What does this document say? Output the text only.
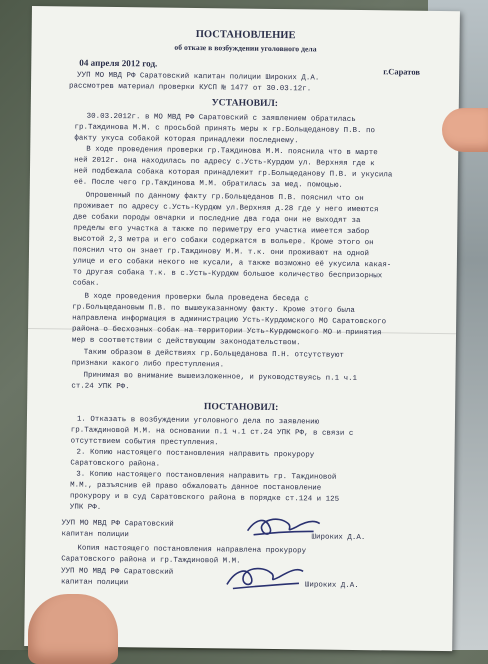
ПОСТАНОВЛЕНИЕ
об отказе в возбуждении уголовного дела
04 апреля 2012 год.
г.Саратов
УУП МО МВД РФ Саратовский капитан полиции Широких Д.А.
рассмотрев материал проверки КУСП № 1477 от 30.03.12г.
УСТАНОВИЛ:
30.03.2012г. в МО МВД РФ Саратовский с заявлением обратилась
гр.Таждинова М.М. с просьбой принять меры к гр.Больщеданову П.В. по
факту укуса собакой которая принадлежи последнему.
В ходе проведения проверки гр.Таждинова М.М. пояснила что в марте
ней 2012г. она находилась по адресу с.Усть-Курдюм ул. Верхняя где к
ней подбежала собака которая принадлежит гр.Больщеданову П.В. и укусила
её. После чего гр.Таждинова М.М. обратилась за мед. помощью.
Опрошенный по данному факту гр.Больщеданов П.В. пояснил что он
проживает по адресу с.Усть-Курдюм ул.Верхняя д.28 где у него имеются
две собаки породы овчарки и последние два года они не выходят за
пределы его участка а также по периметру его участка имеется забор
высотой 2,3 метра и его собаки содержатся в вольере. Кроме этого он
пояснил что он знает гр.Таждинову М.М. т.к. они проживают на одной
улице и его собаки некого не кусали, а также возможно её укусила какая-
то другая собака т.к. в с.Усть-Курдюм большое количество беспризорных
собак.
В ходе проведения проверки была проведена беседа с
гр.Больщедановым П.В. по вышеуказанному факту. Кроме этого была
направлена информация в администрацию Усть-Курдюмского МО Саратовского
района о бесхозных собак на территории Усть-Курдюмского МО и принятия
мер в соответствии с действующим законодательством.
Таким образом в действиях гр.Больщеданова П.Н. отсутствуют
признаки какого либо преступления.
Принимая во внимание вышеизложенное, и руководствуясь п.1 ч.1
ст.24 УПК РФ.
ПОСТАНОВИЛ:
1. Отказать в возбуждении уголовного дела по заявлению
гр.Таждиновой М.М. на основании п.1 ч.1 ст.24 УПК РФ, в связи с
отсутствием события преступления.
2. Копию настоящего постановления направить прокурору
Саратовского района.
3. Копию настоящего постановления направить гр. Таждиновой
М.М., разъяснив ей право обжаловать данное постановление
прокурору и в суд Саратовского района в порядке ст.124 и 125
УПК РФ.
УУП МО МВД РФ Саратовский
капитан полиции	Широких Д.А.
Копия настоящего постановления направлена прокурору
Саратовского района и гр.Таждиновой М.М.
УУП МО МВД РФ Саратовский
капитан полиции	Широких Д.А.
